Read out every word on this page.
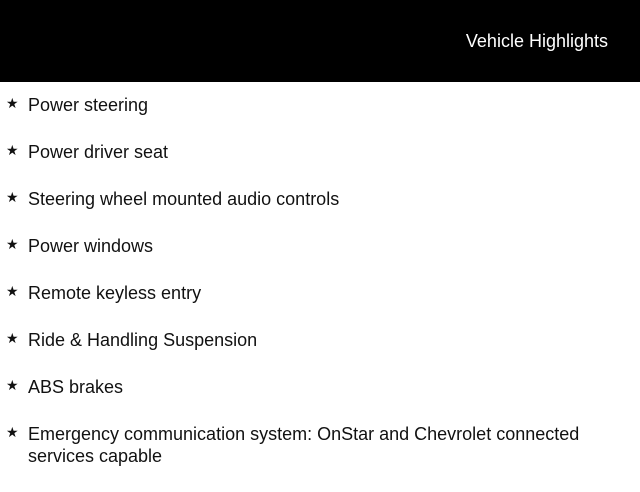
Vehicle Highlights
★ Power steering
★ Power driver seat
★ Steering wheel mounted audio controls
★ Power windows
★ Remote keyless entry
★ Ride & Handling Suspension
★ ABS brakes
★ Emergency communication system: OnStar and Chevrolet connected services capable
